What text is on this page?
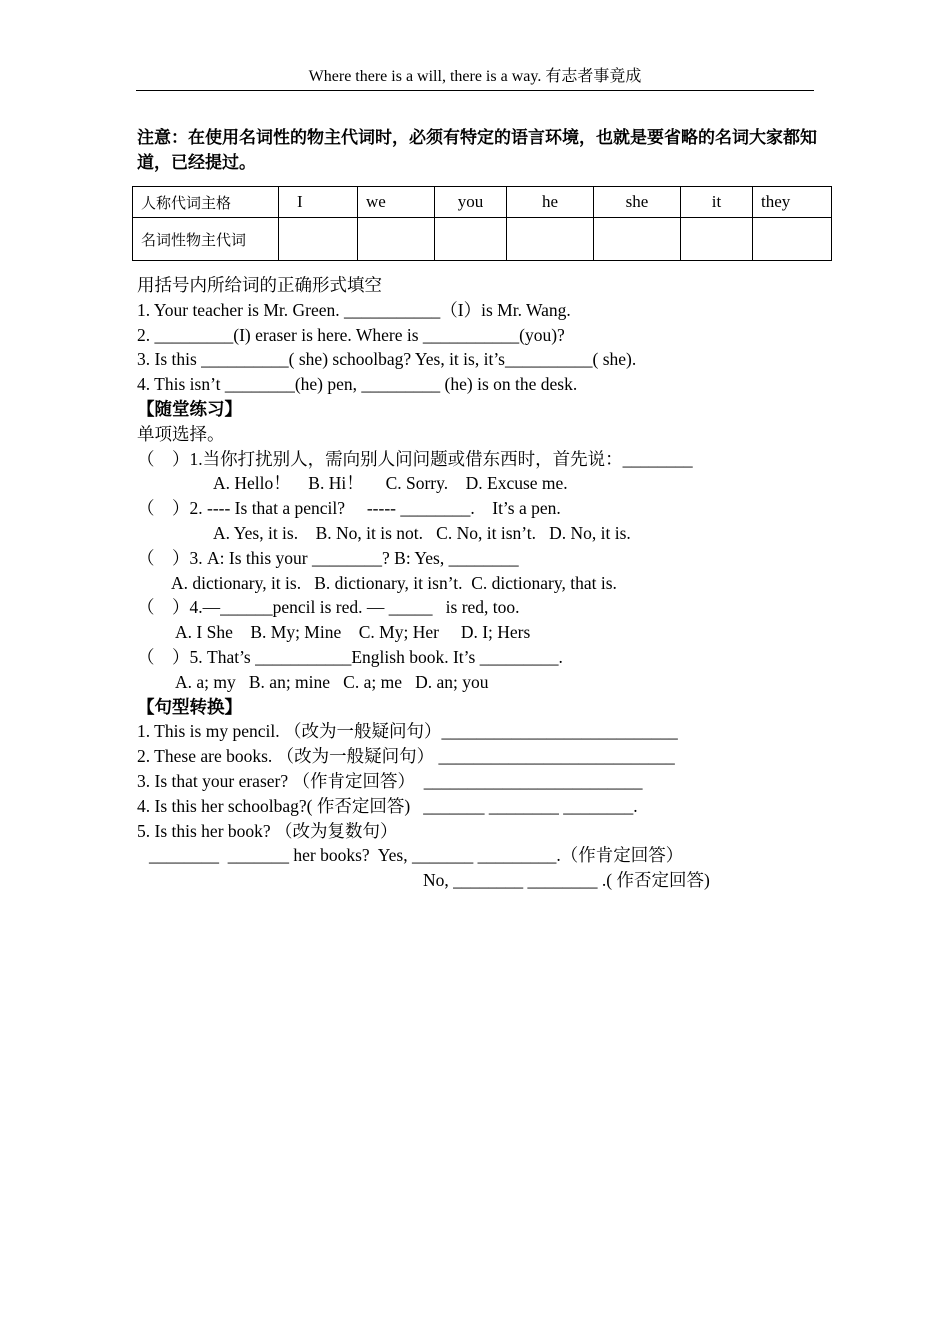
Where there is a will, there is a way. 有志者事竟成
注意：在使用名词性的物主代词时，必须有特定的语言环境，也就是要省略的名词大家都知道，已经提过。
人称代词主格	I	we	you	he	she	it	they
名词性物主代词							
用括号内所给词的正确形式填空
1. Your teacher is Mr. Green. ___________（I）is Mr. Wang.
2. _________(I) eraser is here. Where is ___________(you)?
3. Is this __________( she) schoolbag? Yes, it is, it’s__________( she).
4. This isn’t ________(he) pen, _________ (he) is on the desk.
【随堂练习】
单项选择。
（    ）1.当你打扰别人，需向别人问问题或借东西时，首先说：________
A. Hello！    B. Hi！     C. Sorry.    D. Excuse me.
（    ）2. ---- Is that a pencil?     ----- ________.    It’s a pen.
A. Yes, it is.    B. No, it is not.   C. No, it isn’t.   D. No, it is.
（    ）3. A: Is this your ________? B: Yes, ________
A. dictionary, it is.   B. dictionary, it isn’t.  C. dictionary, that is.
（    ）4.—______pencil is red. — _____   is red, too.
A. I She    B. My; Mine    C. My; Her     D. I; Hers
（    ）5. That’s ___________English book. It’s _________.
A. a; my   B. an; mine   C. a; me   D. an; you
【句型转换】
1. This is my pencil. （改为一般疑问句）___________________________
2. These are books. （改为一般疑问句） ___________________________
3. Is that your eraser? （作肯定回答）  _________________________
4. Is this her schoolbag?( 作否定回答)   _______ ________ ________.
5. Is this her book? （改为复数句）
________  _______ her books?  Yes, _______ _________.（作肯定回答）
No, ________ ________ .( 作否定回答)
